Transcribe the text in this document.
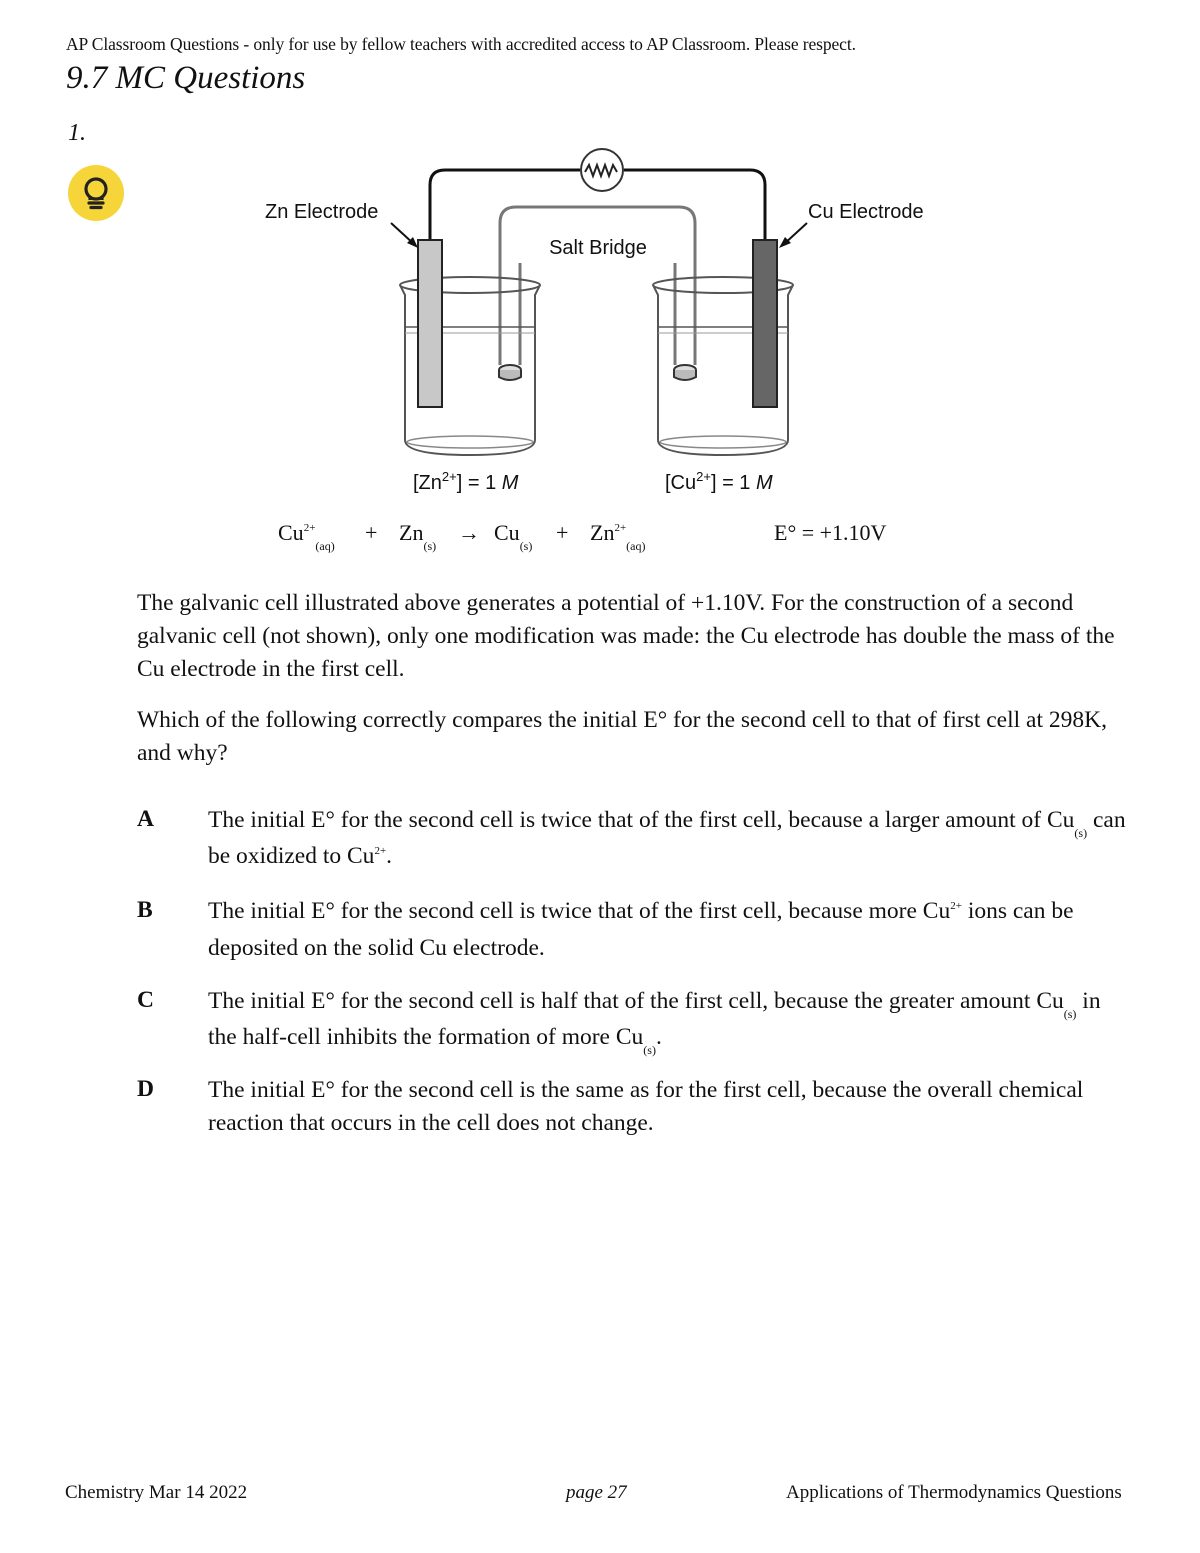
AP Classroom Questions - only for use by fellow teachers with accredited access to AP Classroom. Please respect.
9.7 MC Questions
1.
Salt Bridge
Zn Electrode	Cu Electrode
$[Zn^{2+}] = 1$ M	$[Cu^{2+}] = 1$ M
$Cu^{2+}_{(aq)}$
+ $Zn_{(s)}$
→ $Cu_{(s)}$
+ $Zn^{2+}_{(aq)}$
E° = +1.10V

The galvanic cell illustrated above generates a potential of +1.10V. For the construction of a second galvanic cell (not shown), only one modification was made: the Cu electrode has double the mass of the Cu electrode in the first cell.

Which of the following correctly compares the initial E° for the second cell to that of first cell at 298K, and why?

A The initial E° for the second cell is twice that of the first cell, because a larger amount of $Cu_{(s)}$ can be oxidized to $Cu^{2+}$.

B The initial E° for the second cell is twice that of the first cell, because more $Cu^{2+}$ ions can be deposited on the solid Cu electrode.

C The initial E° for the second cell is half that of the first cell, because the greater amount $Cu_{(s)}$ in the half-cell inhibits the formation of more $Cu_{(s)}$.

D The initial E° for the second cell is the same as for the first cell, because the overall chemical reaction that occurs in the cell does not change.

Chemistry Mar 14 2022	page 27	Applications of Thermodynamics Questions
